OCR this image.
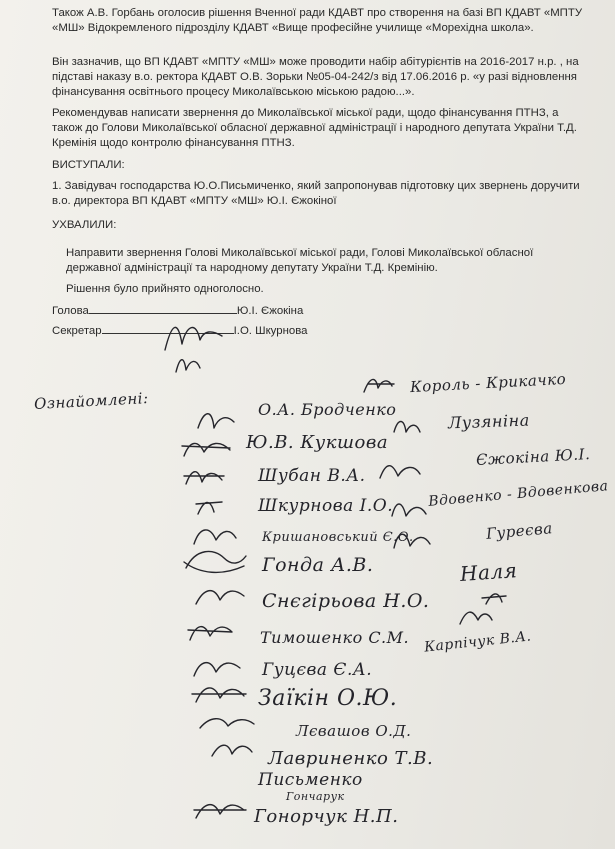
Також А.В. Горбань оголосив рішення Вченної ради КДАВТ про створення на базі ВП КДАВТ «МПТУ «МШ» Відокремленого підрозділу КДАВТ «Вище професійне училище «Морехідна школа».

Він зазначив, що ВП КДАВТ «МПТУ «МШ» може проводити набір абітурієнтів на 2016-2017 н.р. , на підставі наказу в.о. ректора КДАВТ О.В. Зорьки №05-04-242/з від 17.06.2016 р. «у разі відновлення фінансування освітнього процесу Миколаївською міською радою...».

Рекомендував написати звернення до Миколаївської міської ради, щодо фінансування ПТНЗ, а також до Голови Миколаївської обласної державної адміністрації і народного депутата України Т.Д. Кремінія щодо контролю фінансування ПТНЗ.

ВИСТУПАЛИ:

1. Завідувач господарства Ю.О.Письмиченко, який запропонував підготовку цих звернень доручити в.о. директора ВП КДАВТ «МПТУ «МШ» Ю.І. Єжокіної

УХВАЛИЛИ:

Направити звернення Голові Миколаївської міської ради, Голові Миколаївської обласної державної адміністрації та народному депутату України Т.Д. Кремінію.

Рішення було прийнято одноголосно.

Голова	Ю.І. Єжокіна
Секретар	І.О. Шкурнова
Ознайомлені:	О.А. Бродченко
Ю.В. Кукшова
Шубан В.А.
Шкурнова І.О.
Кришановський Є.О.
Гонда А.В.
Снєгірьова Н.О.
Тимошенко С.М.
Гуцєва Є.А.
Заїкін О.Ю.
Лєвашов О.Д.
Лавриненко Т.В.
Письменко
Гонорчук Н.П.
Гончарук
Король - Крикачко
Лузяніна
Єжокіна Ю.І.
Вдовенко - Вдовенкова
Гуреєва
Наля
Карпічук В.А.
